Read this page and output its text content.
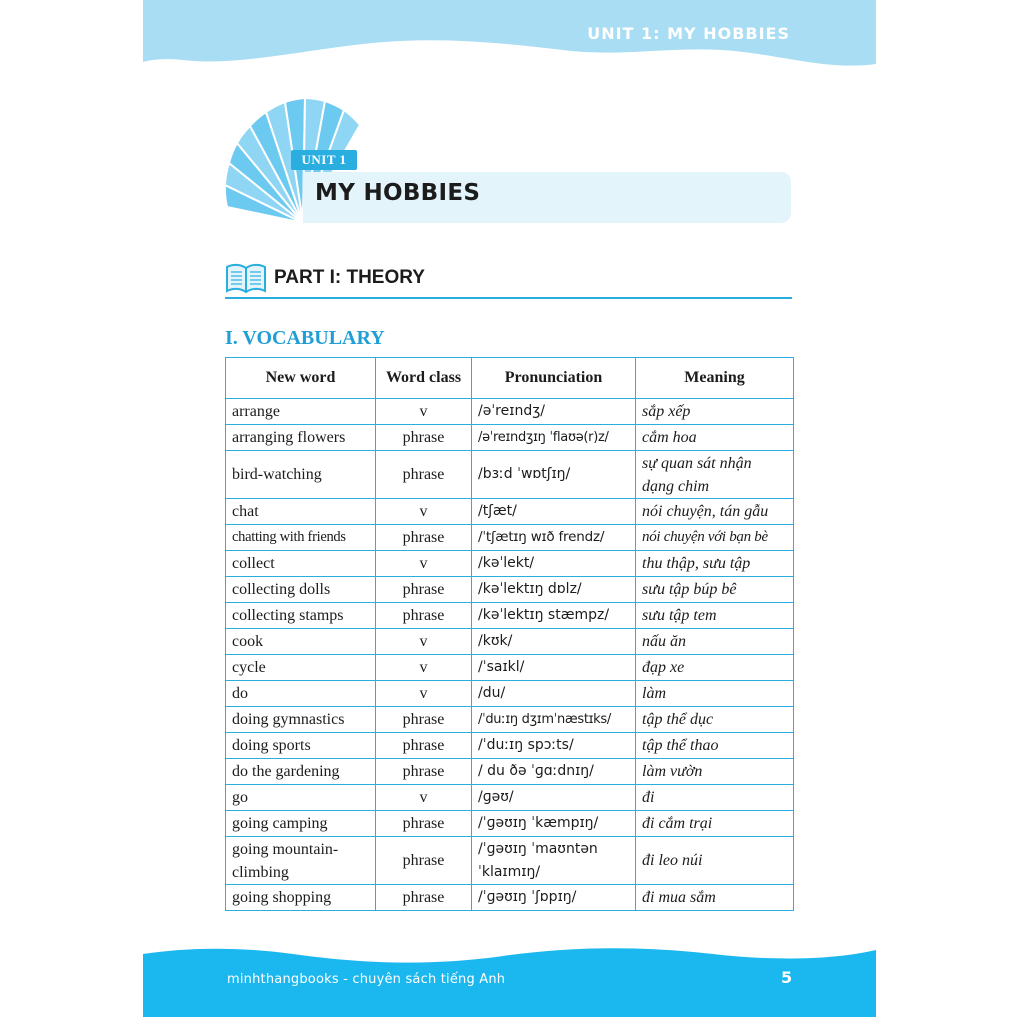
UNIT 1: MY HOBBIES
UNIT 1
MY HOBBIES
PART I: THEORY
I. VOCABULARY
New word	Word class	Pronunciation	Meaning
arrange	v	/əˈreɪndʒ/	sắp xếp
arranging flowers	phrase	/əˈreɪndʒɪŋ ˈflaʊə(r)z/	cắm hoa
bird-watching	phrase	/bɜːd ˈwɒtʃɪŋ/	sự quan sát nhận dạng chim
chat	v	/tʃæt/	nói chuyện, tán gẫu
chatting with friends	phrase	/ˈtʃætɪŋ wɪð frendz/	nói chuyện với bạn bè
collect	v	/kəˈlekt/	thu thập, sưu tập
collecting dolls	phrase	/kəˈlektɪŋ dɒlz/	sưu tập búp bê
collecting stamps	phrase	/kəˈlektɪŋ stæmpz/	sưu tập tem
cook	v	/kʊk/	nấu ăn
cycle	v	/ˈsaɪkl/	đạp xe
do	v	/du/	làm
doing gymnastics	phrase	/ˈduːɪŋ dʒɪmˈnæstɪks/	tập thể dục
doing sports	phrase	/ˈduːɪŋ spɔːts/	tập thể thao
do the gardening	phrase	/ du ðə ˈɡɑːdnɪŋ/	làm vườn
go	v	/ɡəʊ/	đi
going camping	phrase	/ˈɡəʊɪŋ ˈkæmpɪŋ/	đi cắm trại
going mountain-climbing	phrase	/ˈɡəʊɪŋ ˈmaʊntən ˈklaɪmɪŋ/	đi leo núi
going shopping	phrase	/ˈɡəʊɪŋ ˈʃɒpɪŋ/	đi mua sắm
minhthangbooks - chuyên sách tiếng Anh	5
